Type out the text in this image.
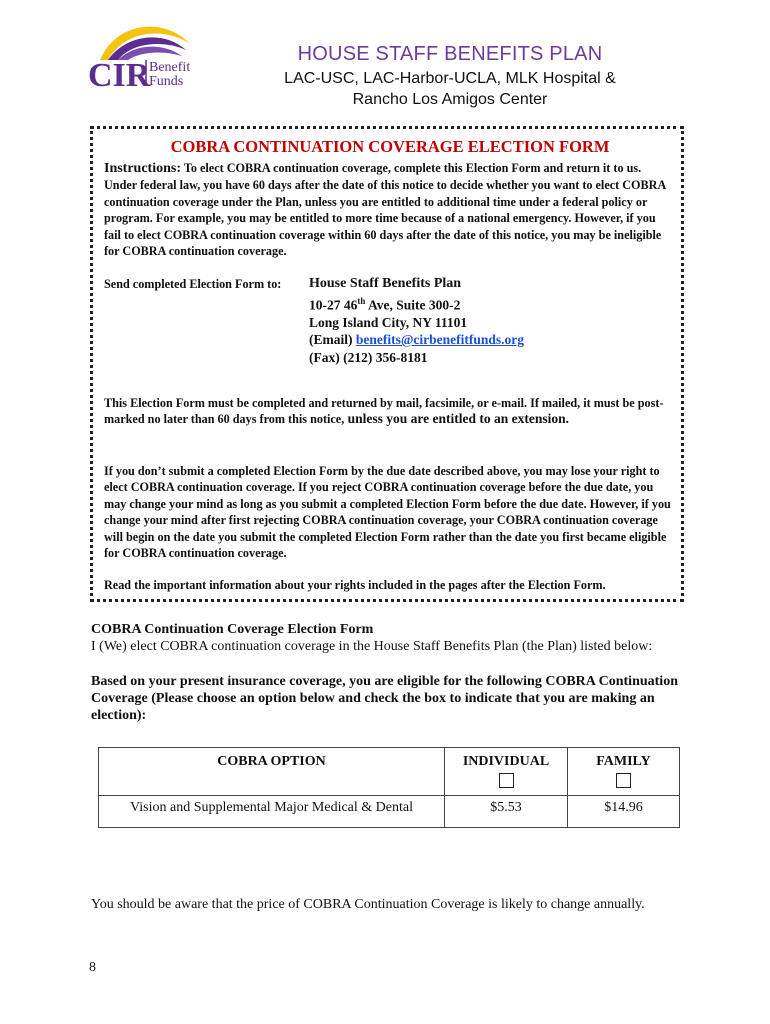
CIR
Benefit
Funds
HOUSE STAFF BENEFITS PLAN
LAC-USC, LAC-Harbor-UCLA, MLK Hospital &
Rancho Los Amigos Center
COBRA CONTINUATION COVERAGE ELECTION FORM
Instructions: To elect COBRA continuation coverage, complete this Election Form and return it to us. Under federal law, you have 60 days after the date of this notice to decide whether you want to elect COBRA continuation coverage under the Plan, unless you are entitled to additional time under a federal policy or program. For example, you may be entitled to more time because of a national emergency. However, if you fail to elect COBRA continuation coverage within 60 days after the date of this notice, you may be ineligible for COBRA continuation coverage.
Send completed Election Form to:	House Staff Benefits Plan
10-27 46th Ave, Suite 300-2
Long Island City, NY 11101
(Email) benefits@cirbenefitfunds.org
(Fax) (212) 356-8181
This Election Form must be completed and returned by mail, facsimile, or e-mail. If mailed, it must be post-marked no later than 60 days from this notice, unless you are entitled to an extension.
If you don’t submit a completed Election Form by the due date described above, you may lose your right to elect COBRA continuation coverage. If you reject COBRA continuation coverage before the due date, you may change your mind as long as you submit a completed Election Form before the due date. However, if you change your mind after first rejecting COBRA continuation coverage, your COBRA continuation coverage will begin on the date you submit the completed Election Form rather than the date you first became eligible for COBRA continuation coverage.
Read the important information about your rights included in the pages after the Election Form.
COBRA Continuation Coverage Election Form
I (We) elect COBRA continuation coverage in the House Staff Benefits Plan (the Plan) listed below:
Based on your present insurance coverage, you are eligible for the following COBRA Continuation Coverage (Please choose an option below and check the box to indicate that you are making an election):
COBRA OPTION	INDIVIDUAL	FAMILY

Vision and Supplemental Major Medical & Dental	$5.53	$14.96
You should be aware that the price of COBRA Continuation Coverage is likely to change annually.
8
